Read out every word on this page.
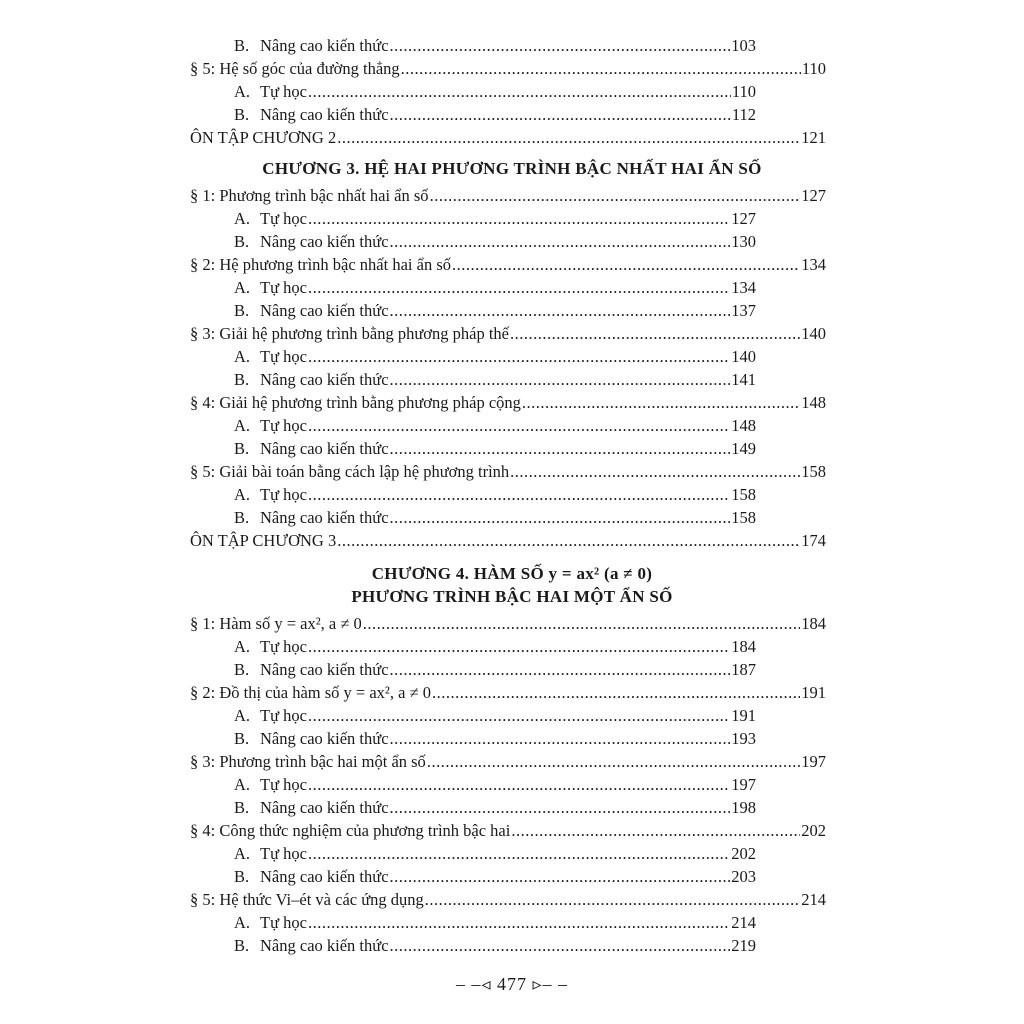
B. Nâng cao kiến thức .....	103
§ 5: Hệ số góc của đường thẳng .....	110
A. Tự học .....	110
B. Nâng cao kiến thức .....	112
ÔN TẬP CHƯƠNG 2 .....	121
CHƯƠNG 3. HỆ HAI PHƯƠNG TRÌNH BẬC NHẤT HAI ẨN SỐ
§ 1: Phương trình bậc nhất hai ẩn số .....	127
A. Tự học .....	127
B. Nâng cao kiến thức .....	130
§ 2: Hệ phương trình bậc nhất hai ẩn số .....	134
A. Tự học .....	134
B. Nâng cao kiến thức .....	137
§ 3: Giải hệ phương trình bằng phương pháp thế .....	140
A. Tự học .....	140
B. Nâng cao kiến thức .....	141
§ 4: Giải hệ phương trình bằng phương pháp cộng .....	148
A. Tự học .....	148
B. Nâng cao kiến thức .....	149
§ 5: Giải bài toán bằng cách lập hệ phương trình .....	158
A. Tự học .....	158
B. Nâng cao kiến thức .....	158
ÔN TẬP CHƯƠNG 3 .....	174
CHƯƠNG 4. HÀM SỐ y = ax² (a ≠ 0)
PHƯƠNG TRÌNH BẬC HAI MỘT ẨN SỐ
§ 1: Hàm số y = ax², a ≠ 0 .....	184
A. Tự học .....	184
B. Nâng cao kiến thức .....	187
§ 2: Đồ thị của hàm số y = ax², a ≠ 0 .....	191
A. Tự học .....	191
B. Nâng cao kiến thức .....	193
§ 3: Phương trình bậc hai một ẩn số .....	197
A. Tự học .....	197
B. Nâng cao kiến thức .....	198
§ 4: Công thức nghiệm của phương trình bậc hai .....	202
A. Tự học .....	202
B. Nâng cao kiến thức .....	203
§ 5: Hệ thức Vi–ét và các ứng dụng .....	214
A. Tự học .....	214
B. Nâng cao kiến thức .....	219
– –◃ 477 ▹– –
